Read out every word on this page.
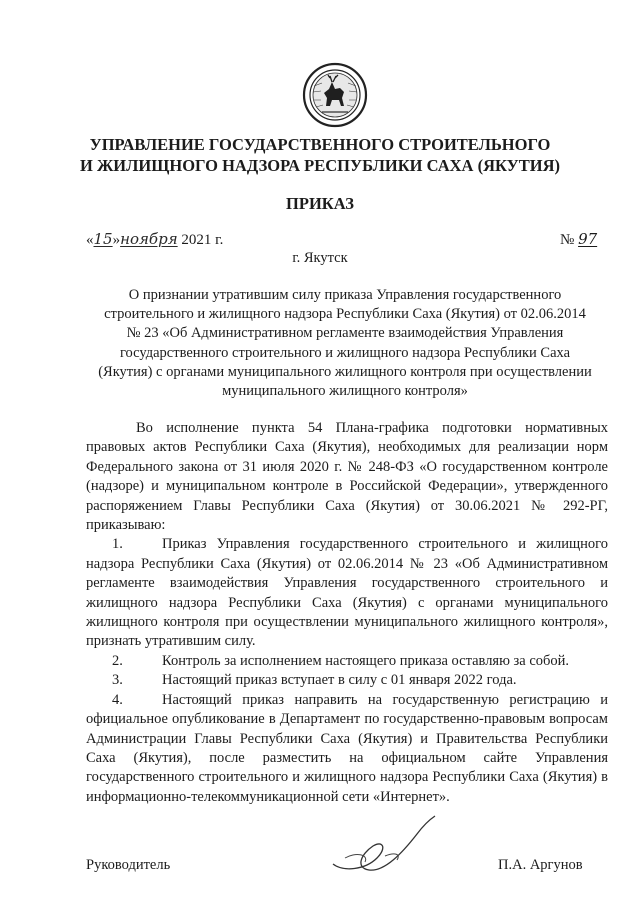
УПРАВЛЕНИЕ ГОСУДАРСТВЕННОГО СТРОИТЕЛЬНОГО
И ЖИЛИЩНОГО НАДЗОРА РЕСПУБЛИКИ САХА (ЯКУТИЯ)
ПРИКАЗ
«15»ноября 2021 г.	№ 97
г. Якутск
О признании утратившим силу приказа Управления государственного
строительного и жилищного надзора Республики Саха (Якутия) от 02.06.2014
№ 23 «Об Административном регламенте взаимодействия Управления
государственного строительного и жилищного надзора Республики Саха
(Якутия) с органами муниципального жилищного контроля при осуществлении
муниципального жилищного контроля»

Во исполнение пункта 54 Плана-графика подготовки нормативных правовых актов Республики Саха (Якутия), необходимых для реализации норм Федерального закона от 31 июля 2020 г. № 248-ФЗ «О государственном контроле (надзоре) и муниципальном контроле в Российской Федерации», утвержденного распоряжением Главы Республики Саха (Якутия) от 30.06.2021 № 292-РГ, приказываю:

1.	Приказ Управления государственного строительного и жилищного надзора Республики Саха (Якутия) от 02.06.2014 № 23 «Об Административном регламенте взаимодействия Управления государственного строительного и жилищного надзора Республики Саха (Якутия) с органами муниципального жилищного контроля при осуществлении муниципального жилищного контроля», признать утратившим силу.

2.	Контроль за исполнением настоящего приказа оставляю за собой.

3.	Настоящий приказ вступает в силу с 01 января 2022 года.

4.	Настоящий приказ направить на государственную регистрацию и официальное опубликование в Департамент по государственно-правовым вопросам Администрации Главы Республики Саха (Якутия) и Правительства Республики Саха (Якутия), после разместить на официальном сайте Управления государственного строительного и жилищного надзора Республики Саха (Якутия) в информационно-телекоммуникационной сети «Интернет».

Руководитель	П.А. Аргунов
